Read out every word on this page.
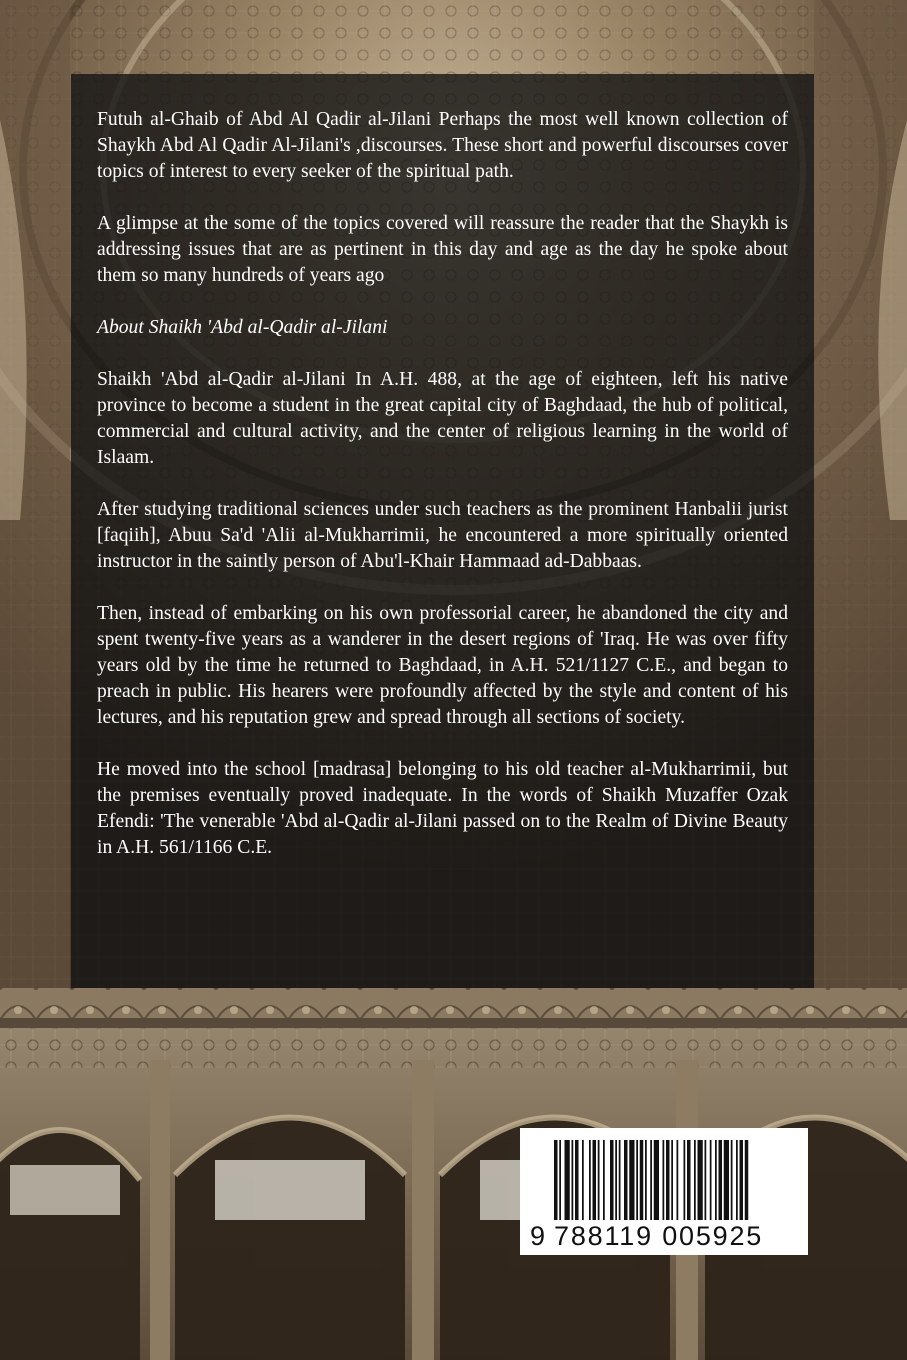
Futuh al-Ghaib of Abd Al Qadir al-Jilani Perhaps the most well known collection of Shaykh Abd Al Qadir Al-Jilani's ,discourses. These short and powerful discourses cover topics of interest to every seeker of the spiritual path.

A glimpse at the some of the topics covered will reassure the reader that the Shaykh is addressing issues that are as pertinent in this day and age as the day he spoke about them so many hundreds of years ago

About Shaikh 'Abd al-Qadir al-Jilani

Shaikh 'Abd al-Qadir al-Jilani In A.H. 488, at the age of eighteen, left his native province to become a student in the great capital city of Baghdaad, the hub of political, commercial and cultural activity, and the center of religious learning in the world of Islaam.

After studying traditional sciences under such teachers as the prominent Hanbalii jurist [faqiih], Abuu Sa'd 'Alii al-Mukharrimii, he encountered a more spiritually oriented instructor in the saintly person of Abu'l-Khair Hammaad ad-Dabbaas.

Then, instead of embarking on his own professorial career, he abandoned the city and spent twenty-five years as a wanderer in the desert regions of 'Iraq. He was over fifty years old by the time he returned to Baghdaad, in A.H. 521/1127 C.E., and began to preach in public. His hearers were profoundly affected by the style and content of his lectures, and his reputation grew and spread through all sections of society.

He moved into the school [madrasa] belonging to his old teacher al-Mukharrimii, but the premises eventually proved inadequate. In the words of Shaikh Muzaffer Ozak Efendi: 'The venerable 'Abd al-Qadir al-Jilani passed on to the Realm of Divine Beauty in A.H. 561/1166 C.E.

9 788119 005925
